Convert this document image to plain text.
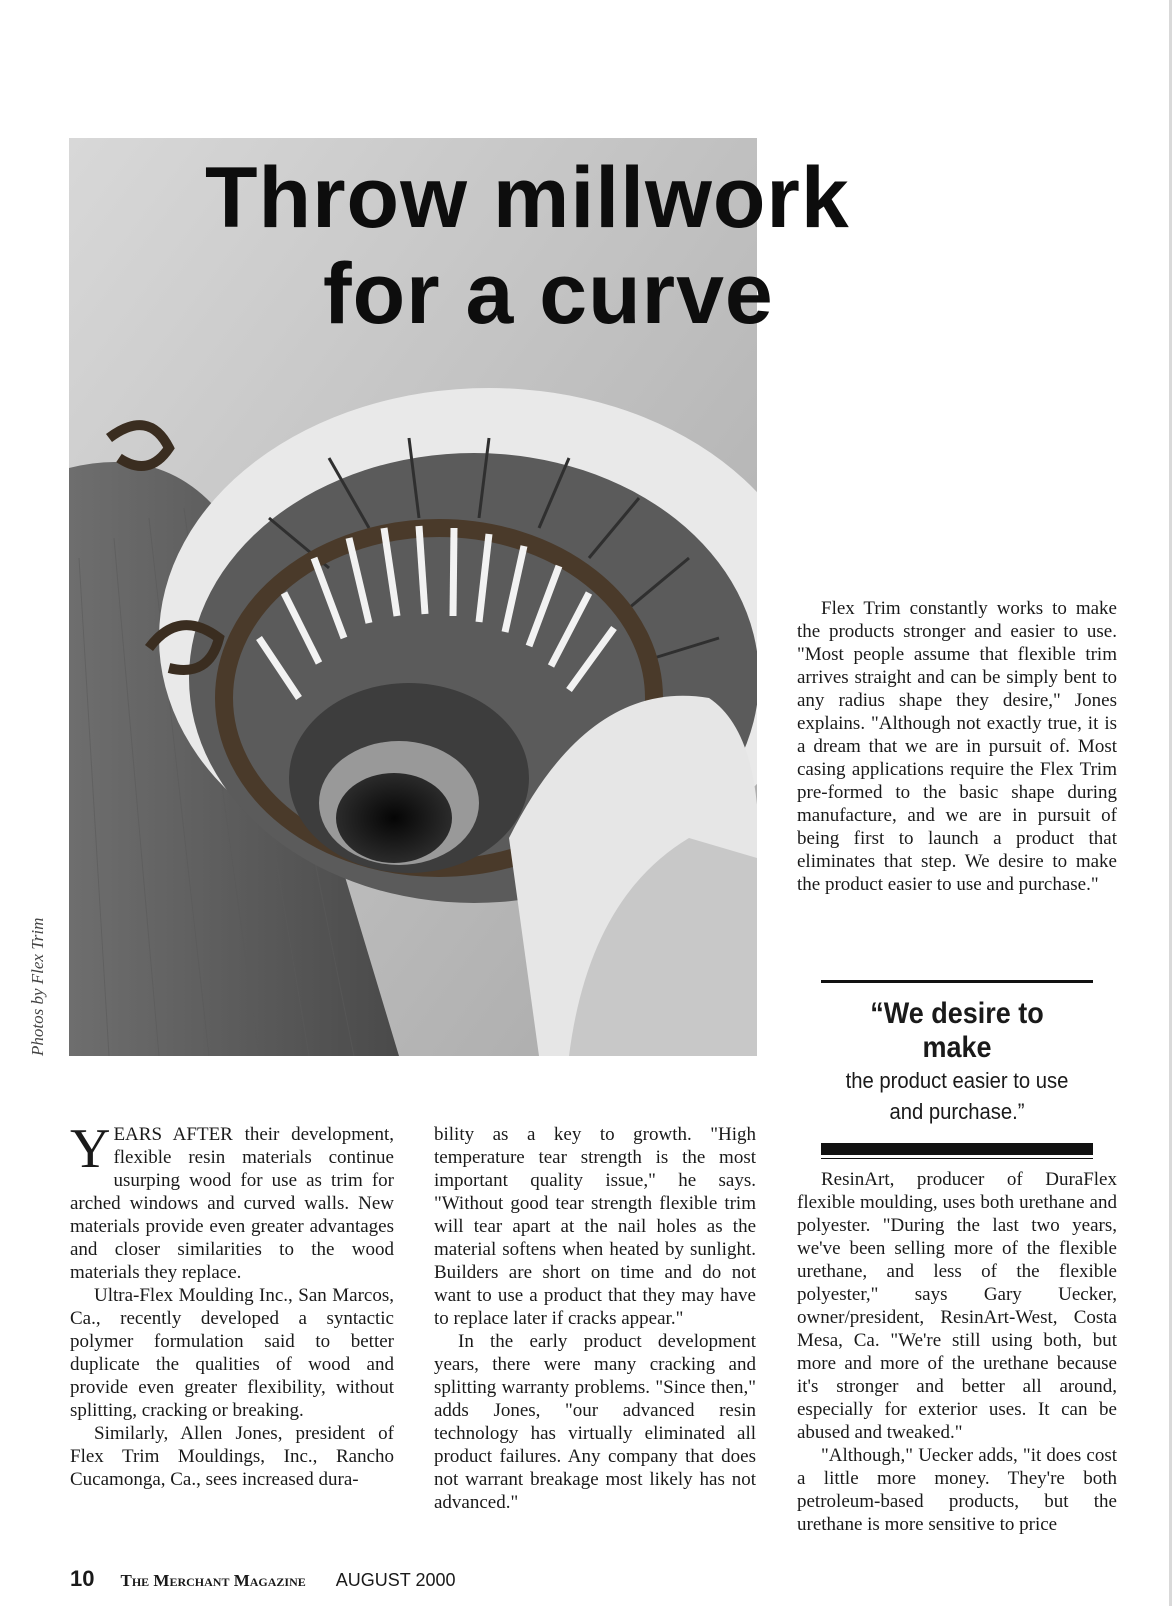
Photos by Flex Trim
Throw millwork
for a curve

YEARS AFTER their development, flexible resin materials continue usurping wood for use as trim for arched windows and curved walls. New materials provide even greater advantages and closer similarities to the wood materials they replace.

Ultra-Flex Moulding Inc., San Marcos, Ca., recently developed a syntactic polymer formulation said to better duplicate the qualities of wood and provide even greater flexibility, without splitting, cracking or breaking.

Similarly, Allen Jones, president of Flex Trim Mouldings, Inc., Rancho Cucamonga, Ca., sees increased dura-

bility as a key to growth. "High temperature tear strength is the most important quality issue," he says. "Without good tear strength flexible trim will tear apart at the nail holes as the material softens when heated by sunlight. Builders are short on time and do not want to use a product that they may have to replace later if cracks appear."

In the early product development years, there were many cracking and splitting warranty problems. "Since then," adds Jones, "our advanced resin technology has virtually eliminated all product failures. Any company that does not warrant breakage most likely has not advanced."

Flex Trim constantly works to make the products stronger and easier to use. "Most people assume that flexible trim arrives straight and can be simply bent to any radius shape they desire," Jones explains. "Although not exactly true, it is a dream that we are in pursuit of. Most casing applications require the Flex Trim pre-formed to the basic shape during manufacture, and we are in pursuit of being first to launch a product that eliminates that step. We desire to make the product easier to use and purchase."

“We desire to make
the product easier to use
and purchase.”

ResinArt, producer of DuraFlex flexible moulding, uses both urethane and polyester. "During the last two years, we've been selling more of the flexible urethane, and less of the flexible polyester," says Gary Uecker, owner/president, ResinArt-West, Costa Mesa, Ca. "We're still using both, but more and more of the urethane because it's stronger and better all around, especially for exterior uses. It can be abused and tweaked."

"Although," Uecker adds, "it does cost a little more money. They're both petroleum-based products, but the urethane is more sensitive to price

10 The Merchant Magazine AUGUST 2000
